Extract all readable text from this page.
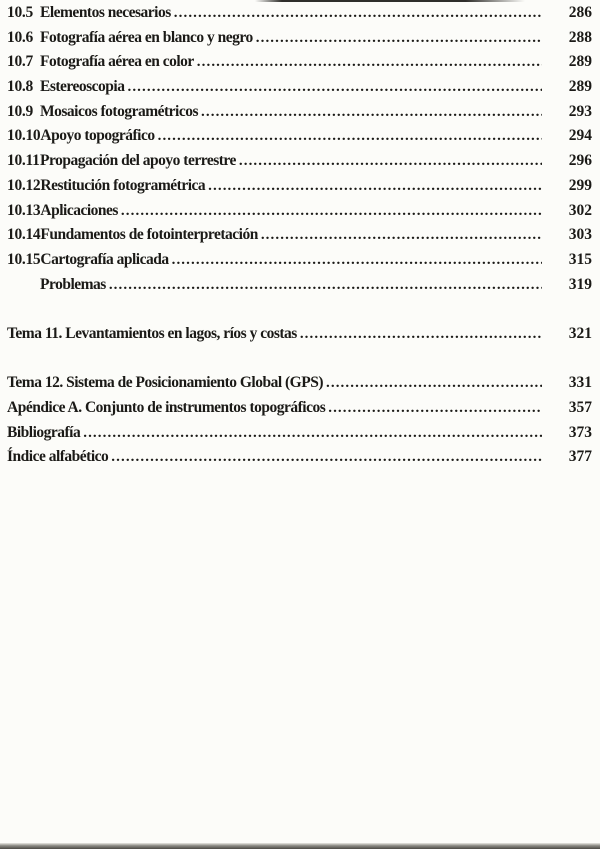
10.5 Elementos necesarios .....	286
10.6 Fotografía aérea en blanco y negro .....	288
10.7 Fotografía aérea en color .....	289
10.8 Estereoscopia .....	289
10.9 Mosaicos fotogramétricos .....	293
10.10 Apoyo topográfico .....	294
10.11 Propagación del apoyo terrestre .....	296
10.12 Restitución fotogramétrica .....	299
10.13 Aplicaciones .....	302
10.14 Fundamentos de fotointerpretación .....	303
10.15 Cartografía aplicada .....	315
Problemas .....	319
Tema 11. Levantamientos en lagos, ríos y costas .....	321
Tema 12. Sistema de Posicionamiento Global (GPS) .....	331
Apéndice A. Conjunto de instrumentos topográficos .....	357
Bibliografía .....	373
Índice alfabético .....	377
